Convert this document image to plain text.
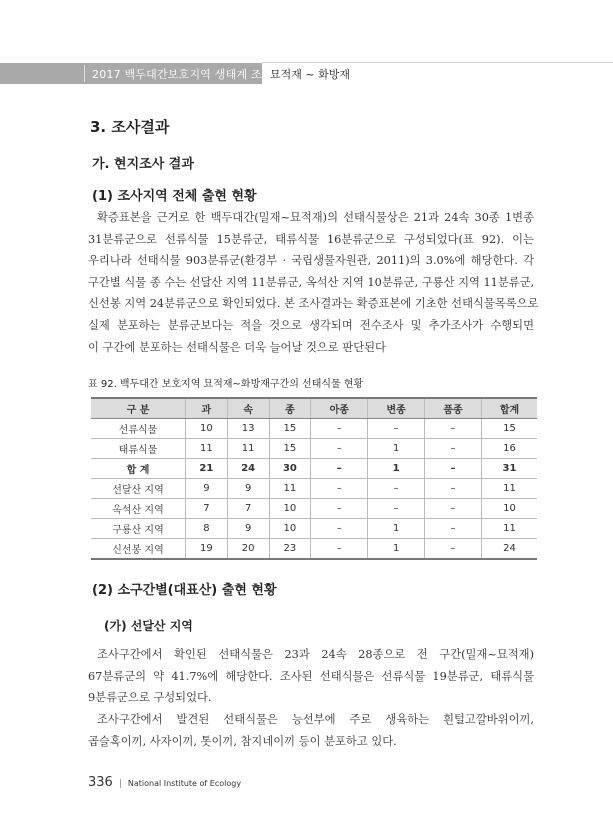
2017 백두대간보호지역 생태계 조사
묘적재 ~ 화방재
3. 조사결과
가. 현지조사 결과
(1) 조사지역 전체 출현 현황
확증표본을 근거로 한 백두대간(밀재~묘적재)의 선태식물상은 21과 24속 30종 1변종
31분류군으로 선류식물 15분류군, 태류식물 16분류군으로 구성되었다(표 92). 이는
우리나라 선태식물 903분류군(환경부 · 국립생물자원관, 2011)의 3.0%에 해당한다. 각
구간별 식물 종 수는 선달산 지역 11분류군, 옥석산 지역 10분류군, 구룡산 지역 11분류군,
신선봉 지역 24분류군으로 확인되었다. 본 조사결과는 확증표본에 기초한 선태식물목록으로
실제 분포하는 분류군보다는 적을 것으로 생각되며 전수조사 및 추가조사가 수행되면
이 구간에 분포하는 선태식물은 더욱 늘어날 것으로 판단된다
표 92. 백두대간 보호지역 묘적재~화방재구간의 선태식물 현황
구 분	과	속	종	아종	변종	품종	합계
선류식물	10	13	15	–	–	–	15
태류식물	11	11	15	–	1	–	16
합 계	21	24	30	–	1	–	31
선달산 지역	9	9	11	–	–	–	11
옥석산 지역	7	7	10	–	–	–	10
구룡산 지역	8	9	10	–	1	–	11
신선봉 지역	19	20	23	–	1	–	24
(2) 소구간별(대표산) 출현 현황
(가) 선달산 지역
조사구간에서 확인된 선태식물은 23과 24속 28종으로 전 구간(밀재~묘적재)
67분류군의 약 41.7%에 해당한다. 조사된 선태식물은 선류식물 19분류군, 태류식물
9분류군으로 구성되었다.
조사구간에서 발견된 선태식물은 능선부에 주로 생육하는 흰털고깔바위이끼,
곱슬혹이끼, 사자이끼, 톳이끼, 참지네이끼 등이 분포하고 있다.
336 | National Institute of Ecology
